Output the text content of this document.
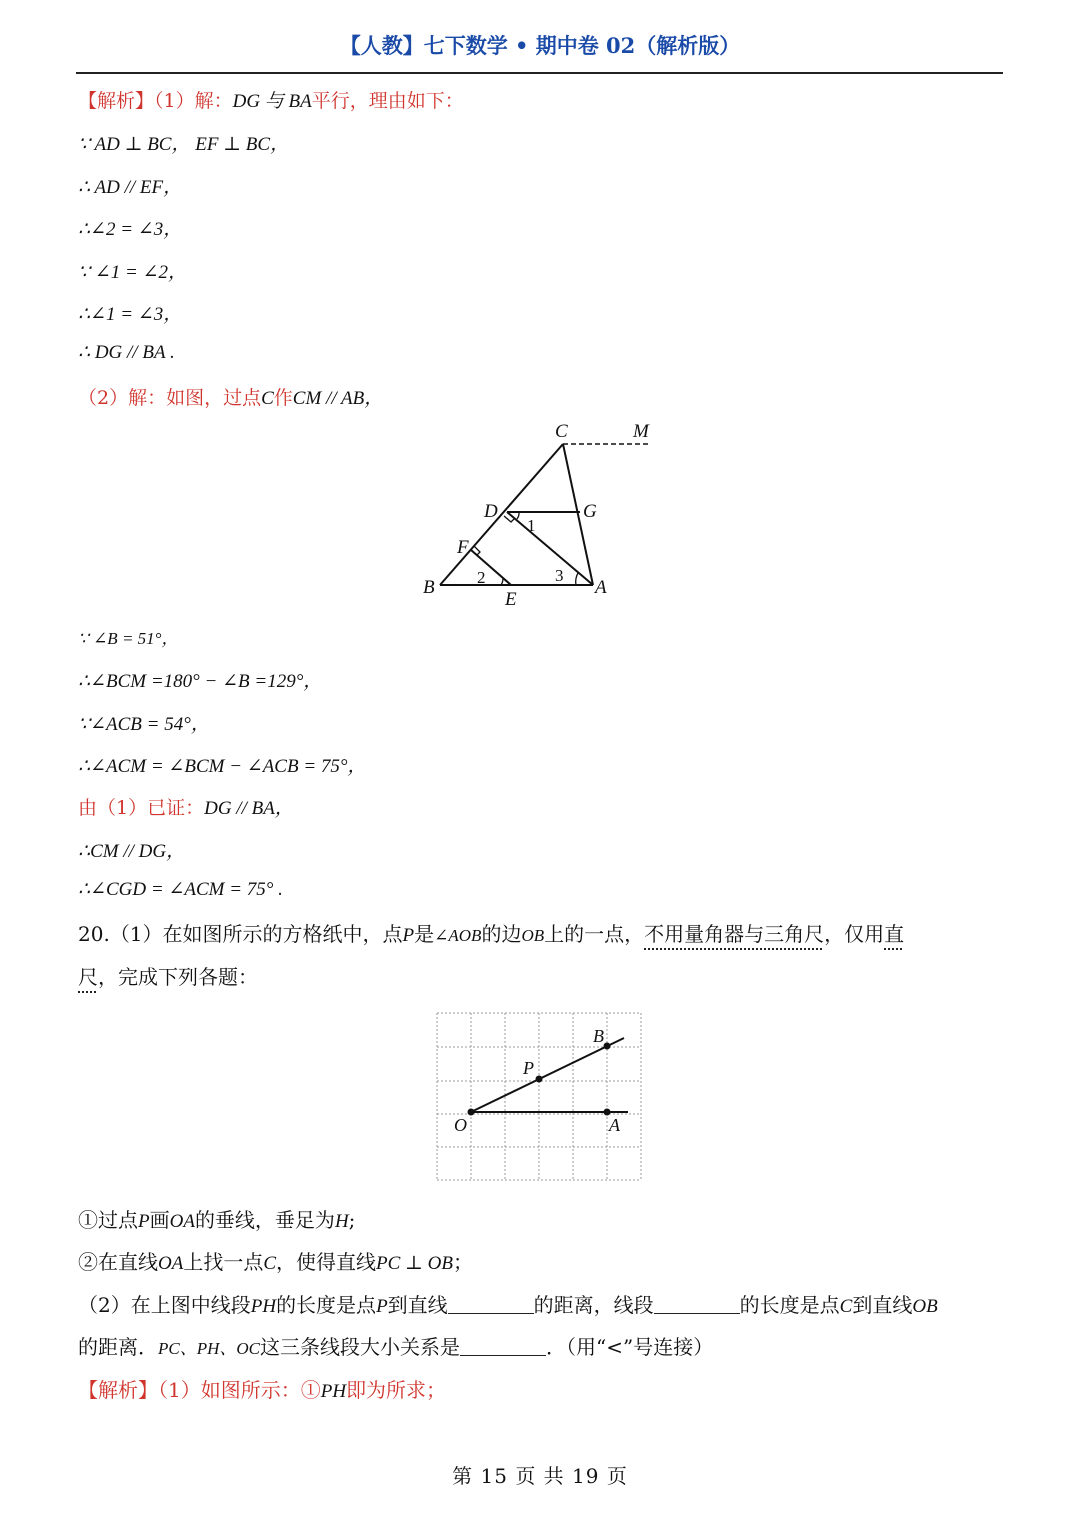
【人教】七下数学 • 期中卷 02（解析版）
【解析】（1）解：DG 与 BA平行，理由如下：
∵ AD ⊥ BC， EF ⊥ BC，
∴ AD // EF，
∴∠2 = ∠3，
∵ ∠1 = ∠2，
∴∠1 = ∠3，
∴ DG // BA .
（2）解：如图，过点C作CM // AB，
C	M
D	G
F
B
E
A
1
2	3
∵ ∠B = 51°，
∴∠BCM =180° − ∠B =129°，
∵∠ACB = 54°，
∴∠ACM = ∠BCM − ∠ACB = 75°，
由（1）已证：DG // BA，
∴CM // DG，
∴∠CGD = ∠ACM = 75° .
20.（1）在如图所示的方格纸中，点P是∠AOB的边OB上的一点，不用量角器与三角尺，仅用直
尺，完成下列各题：
B
P
O	A
①过点P画OA的垂线，垂足为H;
②在直线OA上找一点C，使得直线PC ⊥ OB；
（2）在上图中线段PH的长度是点P到直线	的距离，线段	的长度是点C到直线OB
的距离．PC、PH、OC这三条线段大小关系是	．（用“<”号连接）
【解析】（1）如图所示：①PH即为所求；
第 15 页 共 19 页
